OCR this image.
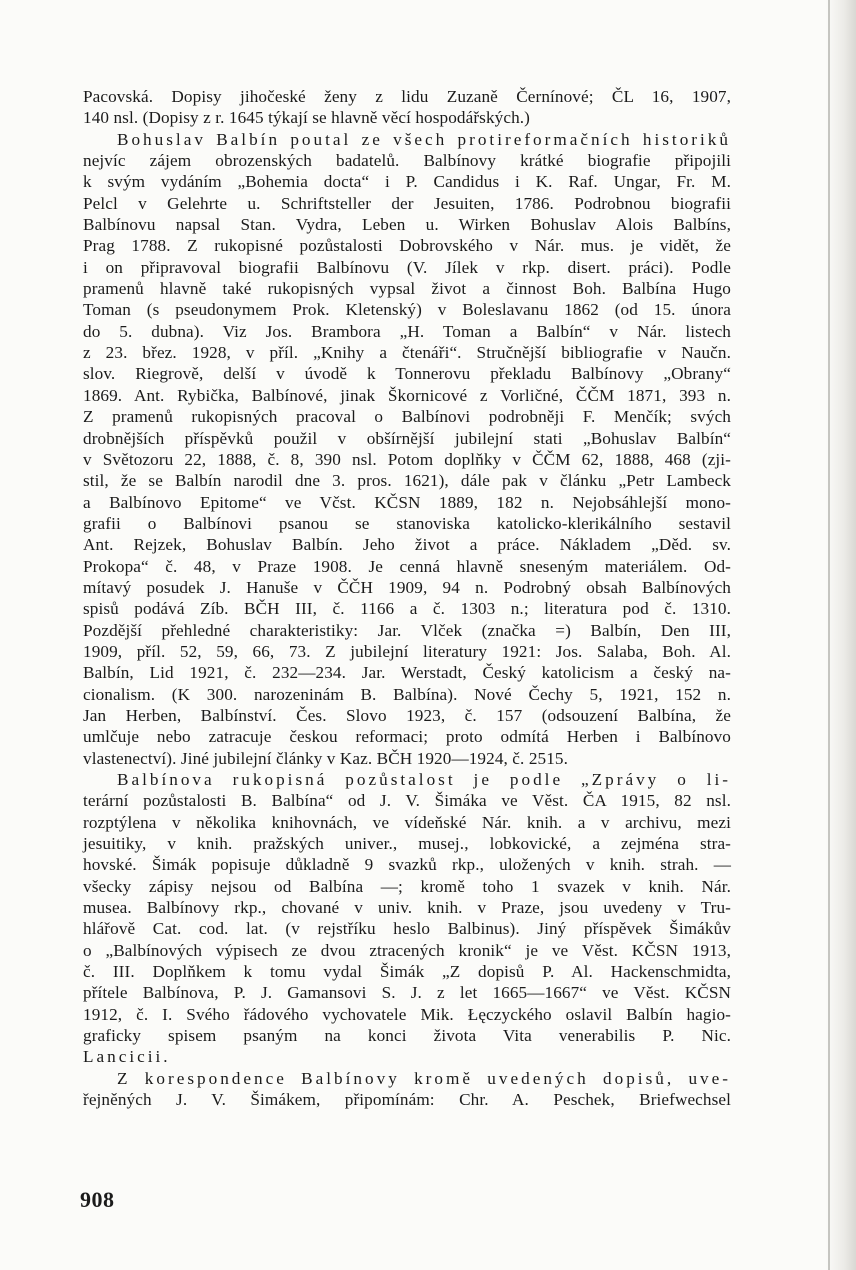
Pacovská. Dopisy jihočeské ženy z lidu Zuzaně Černínové; ČL 16, 1907,
140 nsl. (Dopisy z r. 1645 týkají se hlavně věcí hospodářských.)
Bohuslav Balbín poutal ze všech protireformačních historiků
nejvíc zájem obrozenských badatelů. Balbínovy krátké biografie připojili
k svým vydáním „Bohemia docta“ i P. Candidus i K. Raf. Ungar, Fr. M.
Pelcl v Gelehrte u. Schriftsteller der Jesuiten, 1786. Podrobnou biografii
Balbínovu napsal Stan. Vydra, Leben u. Wirken Bohuslav Alois Balbíns,
Prag 1788. Z rukopisné pozůstalosti Dobrovského v Nár. mus. je vidět, že
i on připravoval biografii Balbínovu (V. Jílek v rkp. disert. práci). Podle
pramenů hlavně také rukopisných vypsal život a činnost Boh. Balbína Hugo
Toman (s pseudonymem Prok. Kletenský) v Boleslavanu 1862 (od 15. února
do 5. dubna). Viz Jos. Brambora „H. Toman a Balbín“ v Nár. listech
z 23. břez. 1928, v příl. „Knihy a čtenáři“. Stručnější bibliografie v Naučn.
slov. Riegrově, delší v úvodě k Tonnerovu překladu Balbínovy „Obrany“
1869. Ant. Rybička, Balbínové, jinak Škornicové z Vorličné, ČČM 1871, 393 n.
Z pramenů rukopisných pracoval o Balbínovi podrobněji F. Menčík; svých
drobnějších příspěvků použil v obšírnější jubilejní stati „Bohuslav Balbín“
v Světozoru 22, 1888, č. 8, 390 nsl. Potom doplňky v ČČM 62, 1888, 468 (zji-
stil, že se Balbín narodil dne 3. pros. 1621), dále pak v článku „Petr Lambeck
a Balbínovo Epitome“ ve Včst. KČSN 1889, 182 n. Nejobsáhlejší mono-
grafii o Balbínovi psanou se stanoviska katolicko-klerikálního sestavil
Ant. Rejzek, Bohuslav Balbín. Jeho život a práce. Nákladem „Děd. sv.
Prokopa“ č. 48, v Praze 1908. Je cenná hlavně sneseným materiálem. Od-
mítavý posudek J. Hanuše v ČČH 1909, 94 n. Podrobný obsah Balbínových
spisů podává Zíb. BČH III, č. 1166 a č. 1303 n.; literatura pod č. 1310.
Pozdější přehledné charakteristiky: Jar. Vlček (značka =) Balbín, Den III,
1909, příl. 52, 59, 66, 73. Z jubilejní literatury 1921: Jos. Salaba, Boh. Al.
Balbín, Lid 1921, č. 232—234. Jar. Werstadt, Český katolicism a český na-
cionalism. (K 300. narozeninám B. Balbína). Nové Čechy 5, 1921, 152 n.
Jan Herben, Balbínství. Čes. Slovo 1923, č. 157 (odsouzení Balbína, že
umlčuje nebo zatracuje českou reformaci; proto odmítá Herben i Balbínovo
vlastenectví). Jiné jubilejní články v Kaz. BČH 1920—1924, č. 2515.
Balbínova rukopisná pozůstalost je podle „Zprávy o li-
terární pozůstalosti B. Balbína“ od J. V. Šimáka ve Věst. ČA 1915, 82 nsl.
rozptýlena v několika knihovnách, ve vídeňské Nár. knih. a v archivu, mezi
jesuitiky, v knih. pražských univer., musej., lobkovické, a zejména stra-
hovské. Šimák popisuje důkladně 9 svazků rkp., uložených v knih. strah. —
všecky zápisy nejsou od Balbína —; kromě toho 1 svazek v knih. Nár.
musea. Balbínovy rkp., chované v univ. knih. v Praze, jsou uvedeny v Tru-
hlářově Cat. cod. lat. (v rejstříku heslo Balbinus). Jiný příspěvek Šimákův
o „Balbínových výpisech ze dvou ztracených kronik“ je ve Věst. KČSN 1913,
č. III. Doplňkem k tomu vydal Šimák „Z dopisů P. Al. Hackenschmidta,
přítele Balbínova, P. J. Gamansovi S. J. z let 1665—1667“ ve Věst. KČSN
1912, č. I. Svého řádového vychovatele Mik. Łęczyckého oslavil Balbín hagio-
graficky spisem psaným na konci života Vita venerabilis P. Nic.
Lancicii.
Z korespondence Balbínovy kromě uvedených dopisů, uve-
řejněných J. V. Šimákem, připomínám: Chr. A. Peschek, Briefwechsel
908
